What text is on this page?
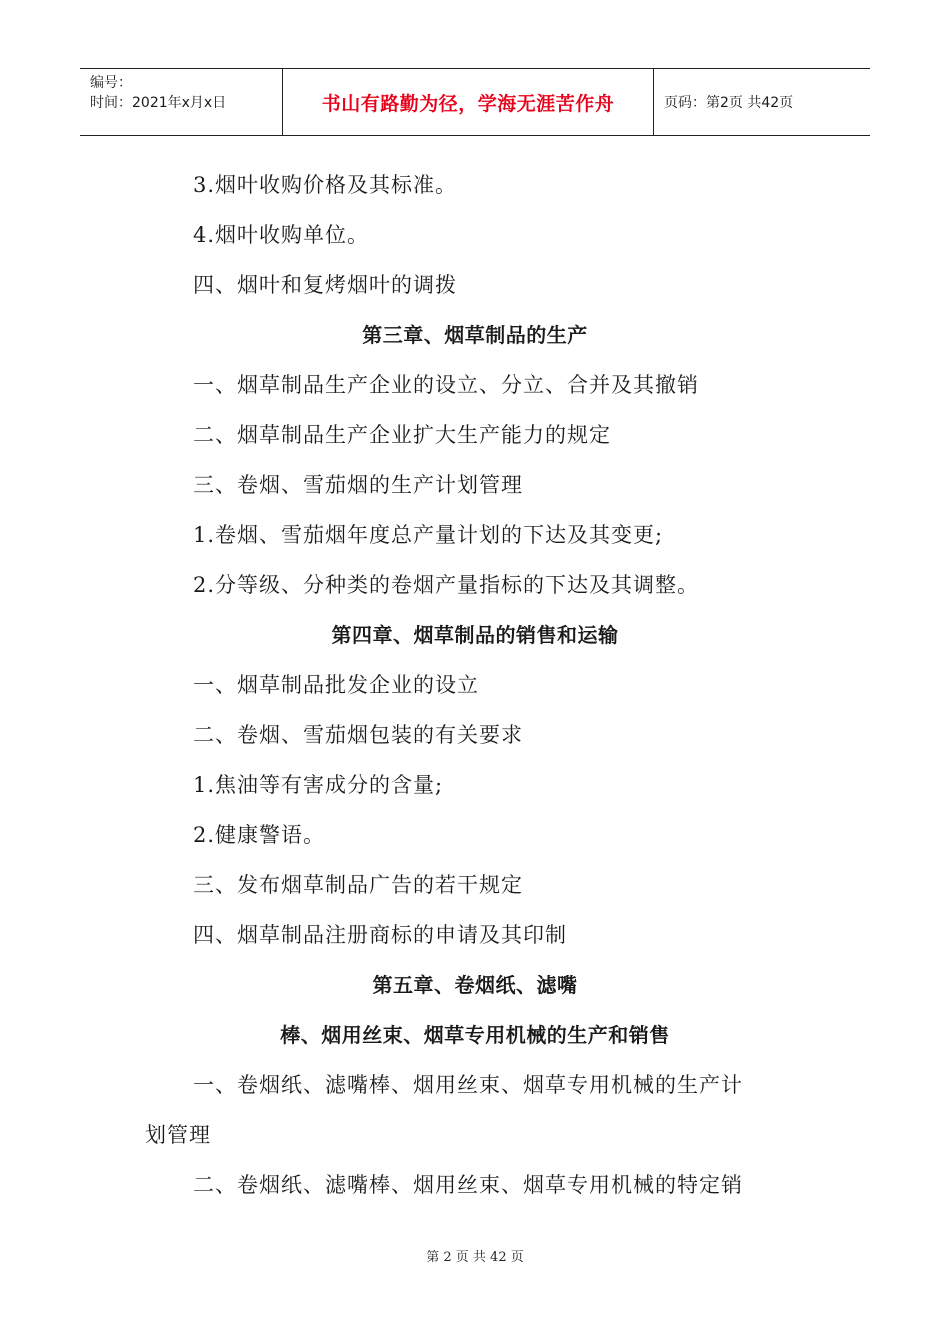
编号：
时间：2021年x月x日	书山有路勤为径，学海无涯苦作舟	页码：第2页 共42页
3.烟叶收购价格及其标准。
4.烟叶收购单位。
四、烟叶和复烤烟叶的调拨
第三章、烟草制品的生产
一、烟草制品生产企业的设立、分立、合并及其撤销
二、烟草制品生产企业扩大生产能力的规定
三、卷烟、雪茄烟的生产计划管理
1.卷烟、雪茄烟年度总产量计划的下达及其变更;
2.分等级、分种类的卷烟产量指标的下达及其调整。
第四章、烟草制品的销售和运输
一、烟草制品批发企业的设立
二、卷烟、雪茄烟包装的有关要求
1.焦油等有害成分的含量;
2.健康警语。
三、发布烟草制品广告的若干规定
四、烟草制品注册商标的申请及其印制
第五章、卷烟纸、滤嘴
棒、烟用丝束、烟草专用机械的生产和销售
一、卷烟纸、滤嘴棒、烟用丝束、烟草专用机械的生产计
划管理
二、卷烟纸、滤嘴棒、烟用丝束、烟草专用机械的特定销
第 2 页 共 42 页
